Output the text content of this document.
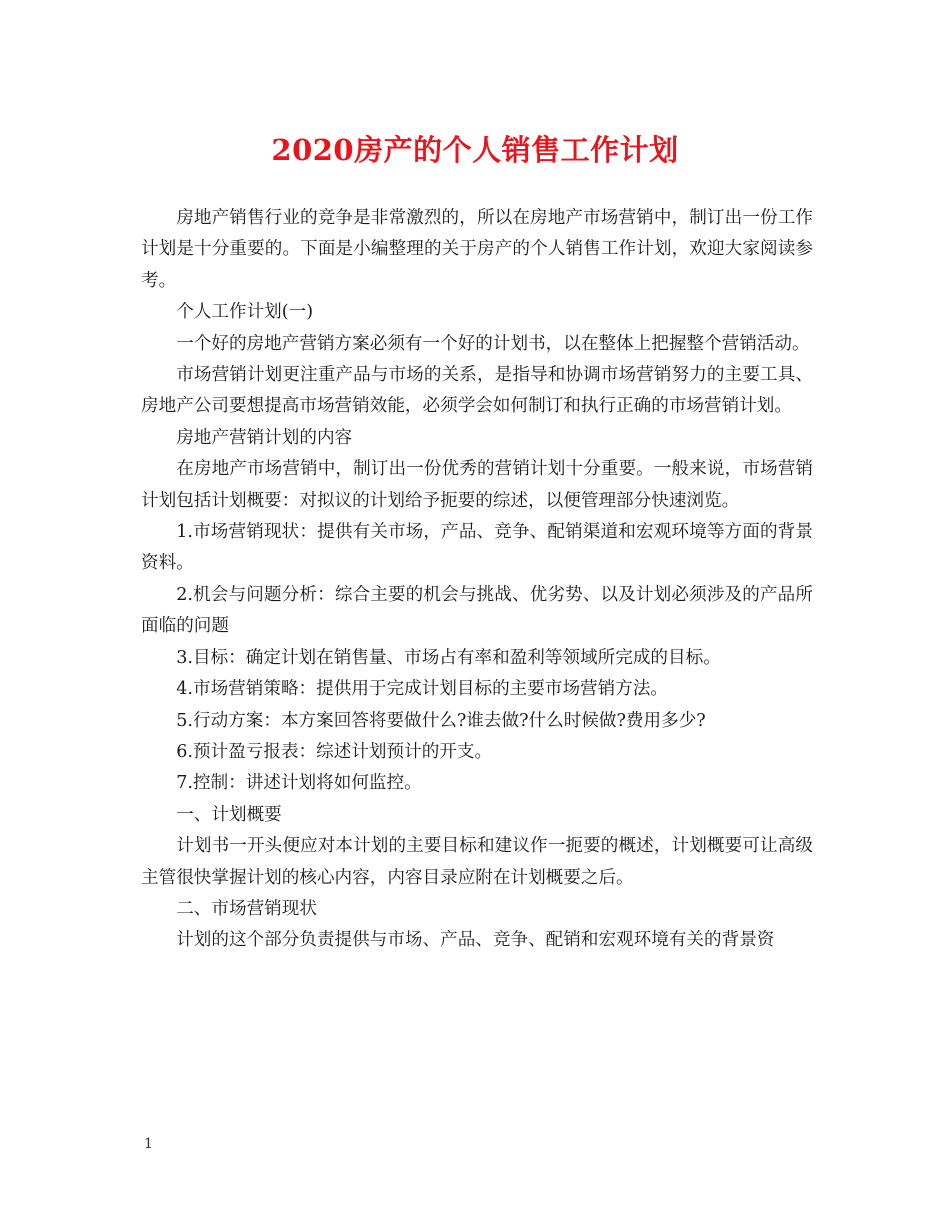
2020房产的个人销售工作计划

房地产销售行业的竞争是非常激烈的，所以在房地产市场营销中，制订出一份工作计划是十分重要的。下面是小编整理的关于房产的个人销售工作计划，欢迎大家阅读参考。

个人工作计划(一)

一个好的房地产营销方案必须有一个好的计划书，以在整体上把握整个营销活动。

市场营销计划更注重产品与市场的关系，是指导和协调市场营销努力的主要工具、房地产公司要想提高市场营销效能，必须学会如何制订和执行正确的市场营销计划。

房地产营销计划的内容

在房地产市场营销中，制订出一份优秀的营销计划十分重要。一般来说，市场营销计划包括计划概要：对拟议的计划给予扼要的综述，以便管理部分快速浏览。

1.市场营销现状：提供有关市场，产品、竞争、配销渠道和宏观环境等方面的背景资料。

2.机会与问题分析：综合主要的机会与挑战、优劣势、以及计划必须涉及的产品所面临的问题

3.目标：确定计划在销售量、市场占有率和盈利等领域所完成的目标。

4.市场营销策略：提供用于完成计划目标的主要市场营销方法。

5.行动方案：本方案回答将要做什么?谁去做?什么时候做?费用多少?

6.预计盈亏报表：综述计划预计的开支。

7.控制：讲述计划将如何监控。

一、计划概要

计划书一开头便应对本计划的主要目标和建议作一扼要的概述，计划概要可让高级主管很快掌握计划的核心内容，内容目录应附在计划概要之后。

二、市场营销现状

计划的这个部分负责提供与市场、产品、竞争、配销和宏观环境有关的背景资

1
